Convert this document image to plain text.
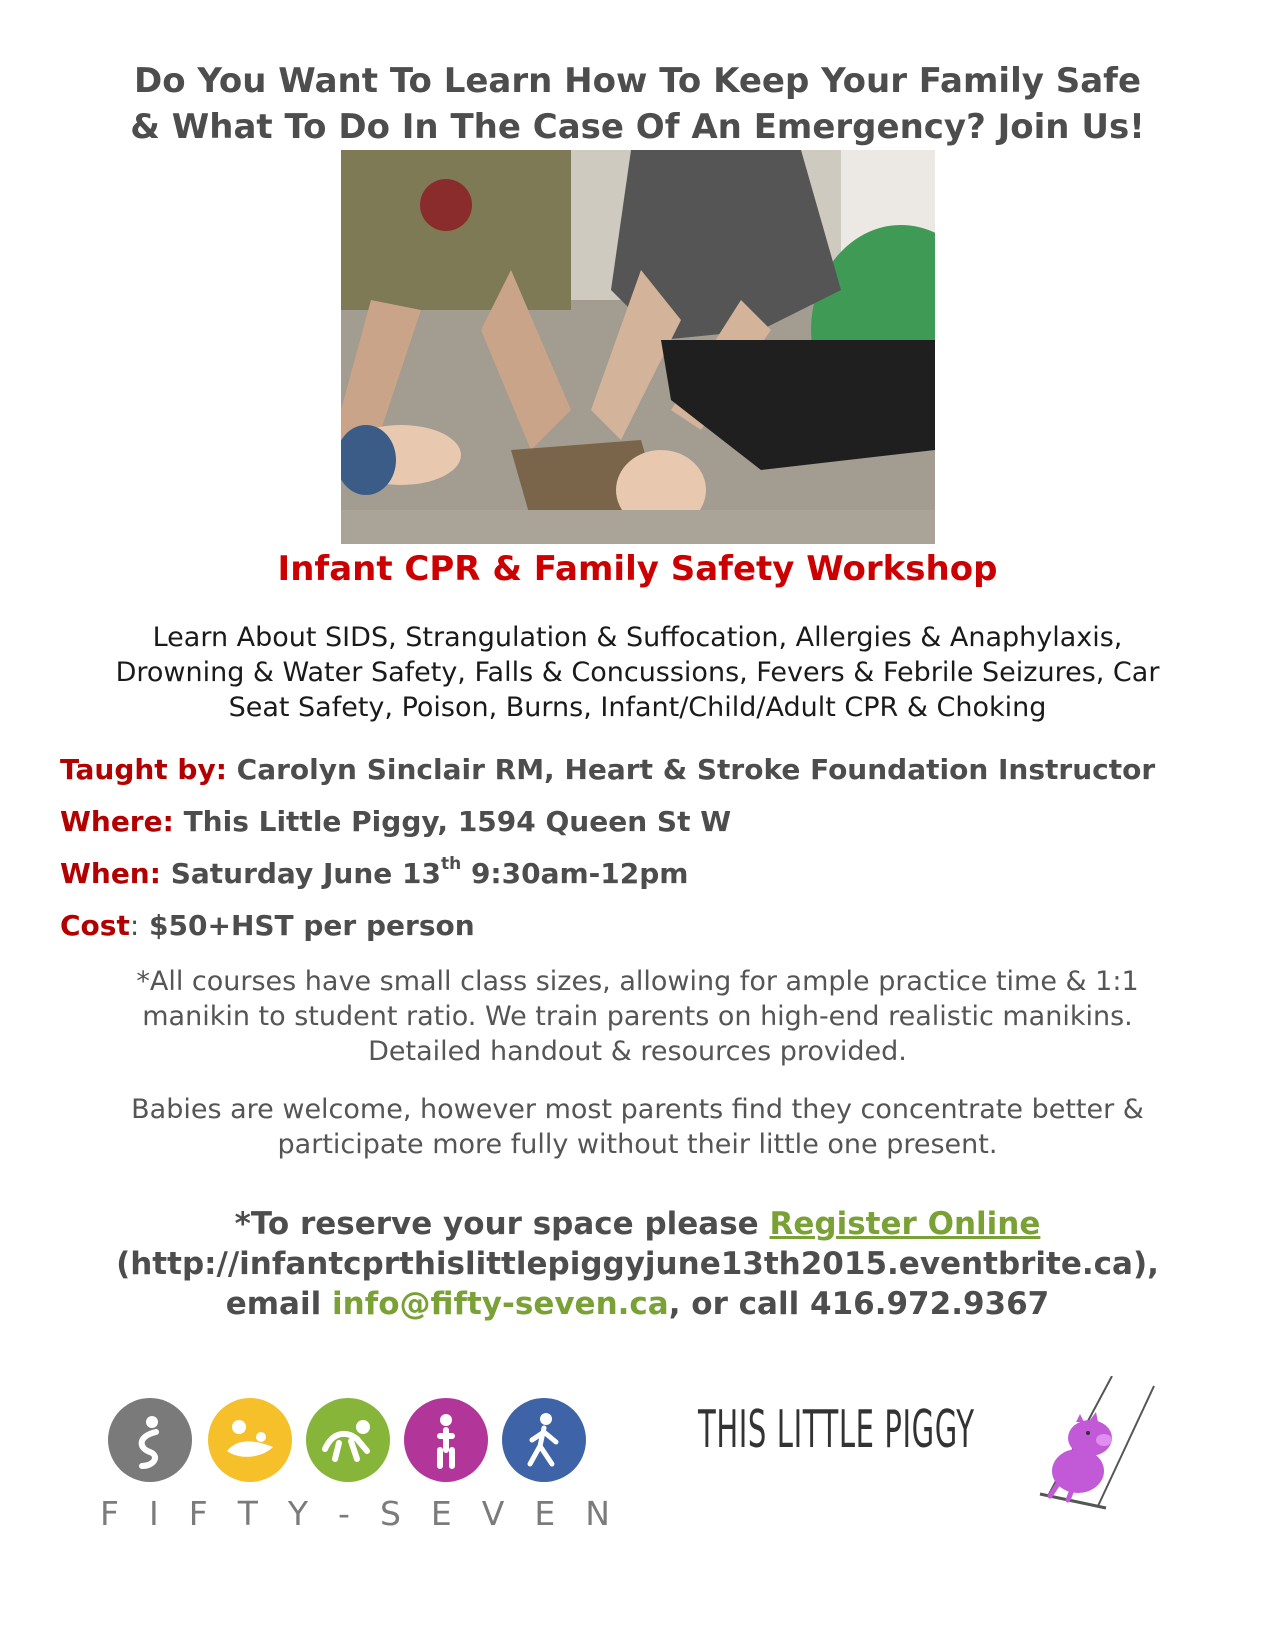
Do You Want To Learn How To Keep Your Family Safe
& What To Do In The Case Of An Emergency? Join Us!
Infant CPR & Family Safety Workshop
Learn About SIDS, Strangulation & Suffocation, Allergies & Anaphylaxis,
Drowning & Water Safety, Falls & Concussions, Fevers & Febrile Seizures, Car
Seat Safety, Poison, Burns, Infant/Child/Adult CPR & Choking
Taught by: Carolyn Sinclair RM, Heart & Stroke Foundation Instructor
Where: This Little Piggy, 1594 Queen St W
When: Saturday June 13th 9:30am-12pm
Cost: $50+HST per person
*All courses have small class sizes, allowing for ample practice time & 1:1
manikin to student ratio. We train parents on high-end realistic manikins.
Detailed handout & resources provided.
Babies are welcome, however most parents find they concentrate better &
participate more fully without their little one present.
*To reserve your space please Register Online
(http://infantcprthislittlepiggyjune13th2015.eventbrite.ca),
email info@fifty-seven.ca, or call 416.972.9367
F I F T Y - S E V E N
THIS LITTLE PIGGY
